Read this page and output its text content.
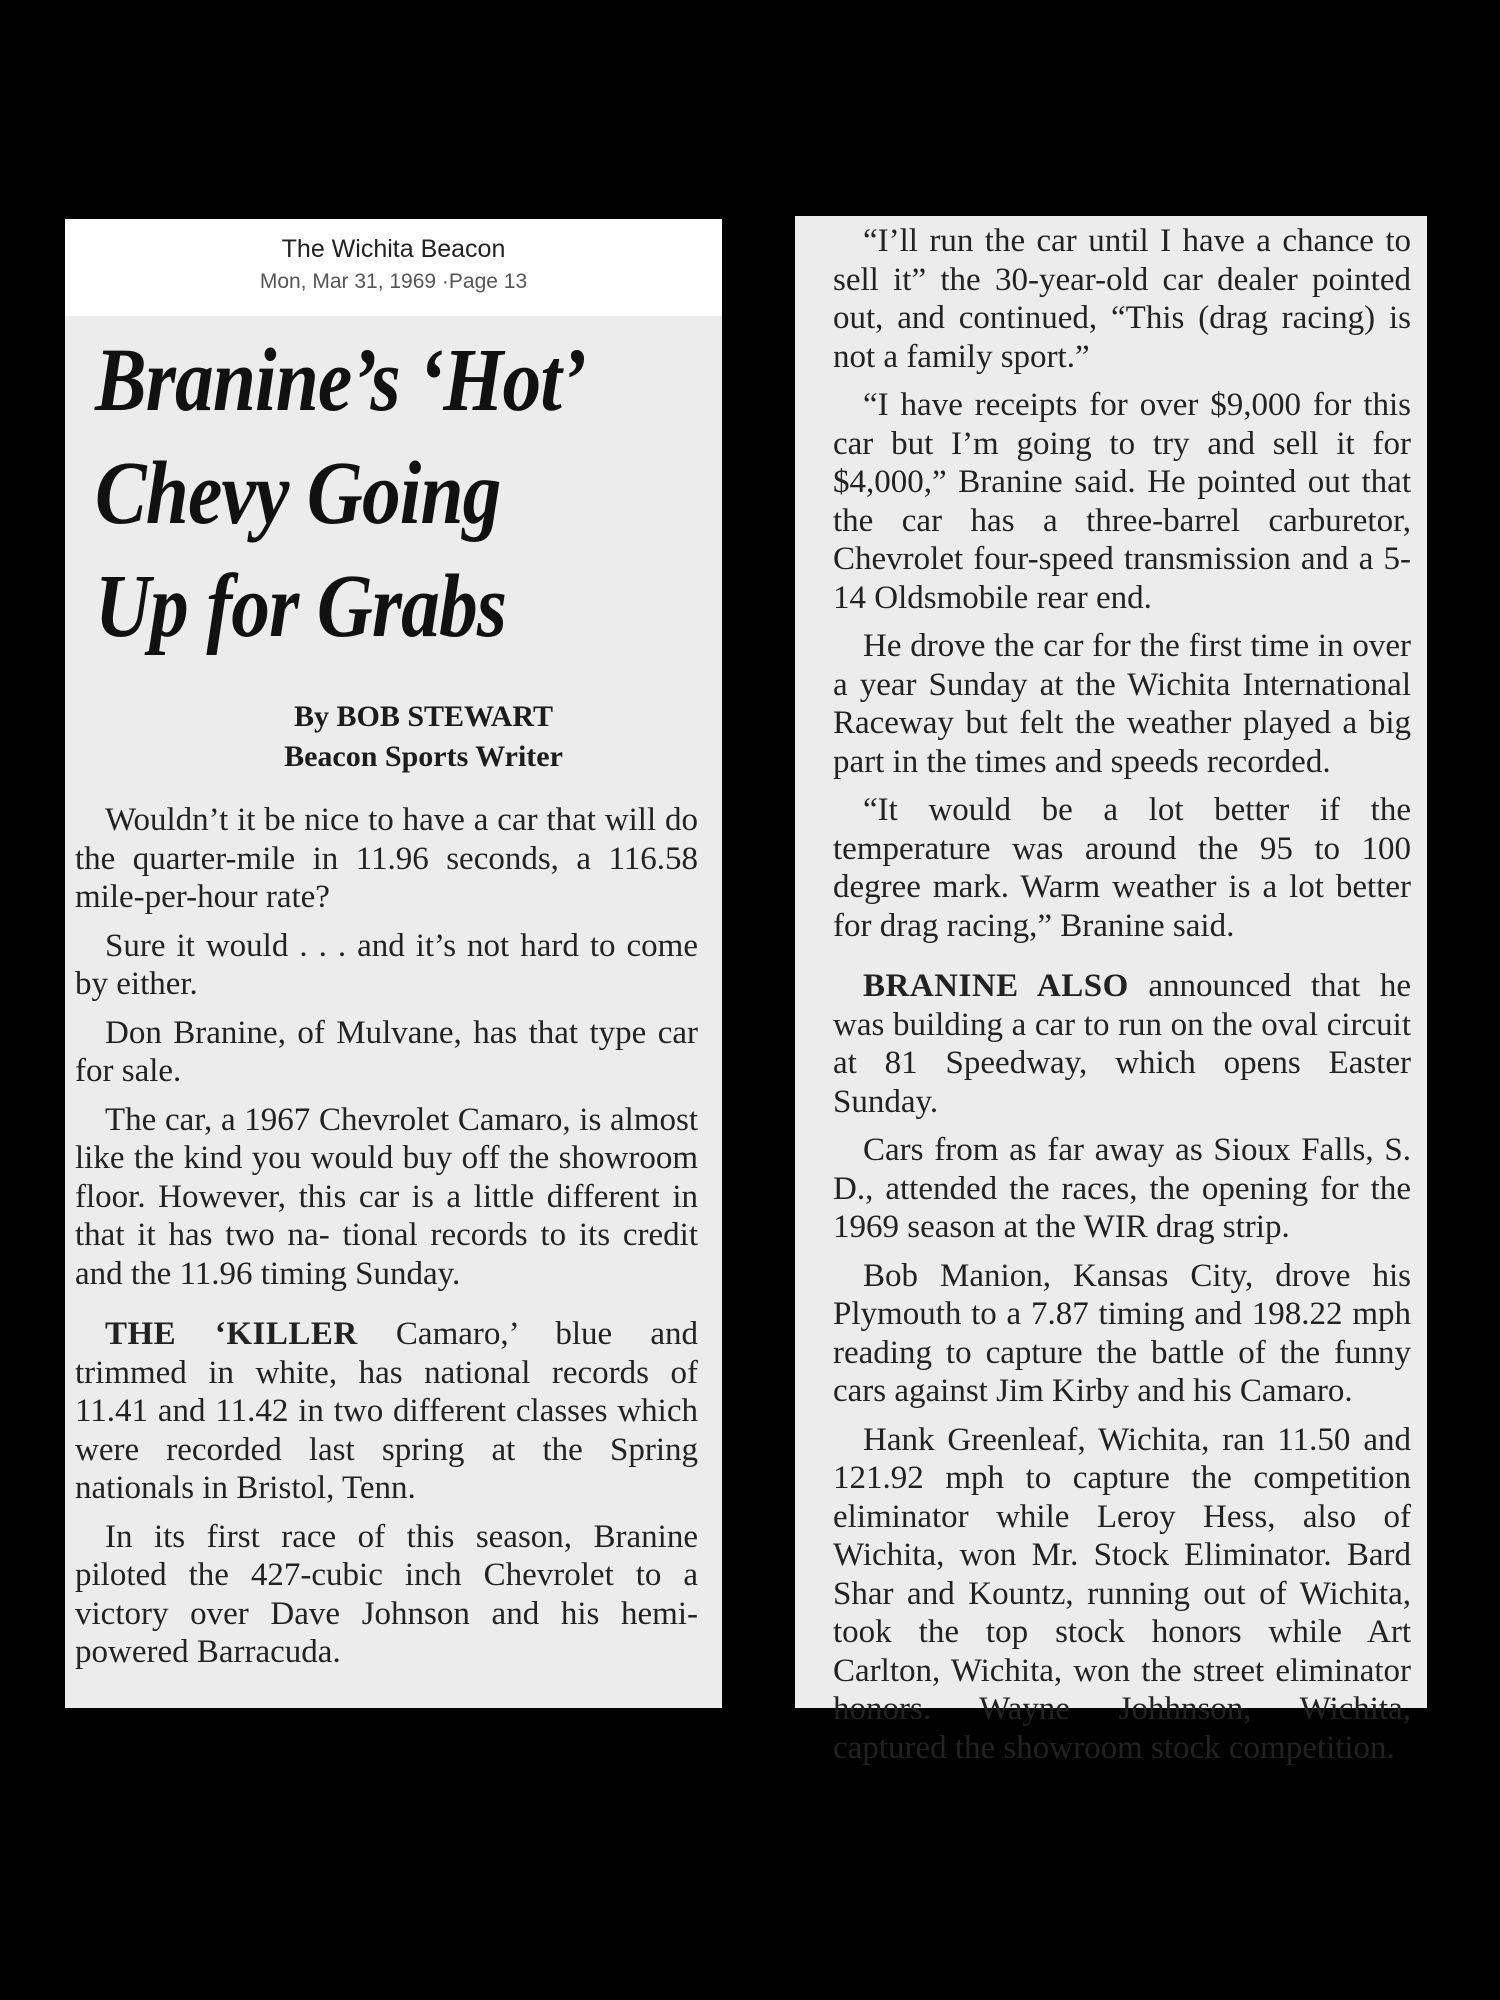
The Wichita Beacon
Mon, Mar 31, 1969 ·Page 13
Branine’s ‘Hot’
Chevy Going
Up for Grabs
By BOB STEWART
Beacon Sports Writer

Wouldn’t it be nice to have a car that will do the quarter-mile in 11.96 seconds, a 116.58 mile-per-hour rate?

Sure it would . . . and it’s not hard to come by either.

Don Branine, of Mulvane, has that type car for sale.

The car, a 1967 Chevrolet Camaro, is almost like the kind you would buy off the showroom floor. However, this car is a little different in that it has two na- tional records to its credit and the 11.96 timing Sunday.

THE ‘KILLER Camaro,’ blue and trimmed in white, has national records of 11.41 and 11.42 in two different classes which were recorded last spring at the Spring nationals in Bristol, Tenn.

In its first race of this season, Branine piloted the 427-cubic inch Chevrolet to a victory over Dave Johnson and his hemi-powered Barracuda.

“I’ll run the car until I have a chance to sell it” the 30-year-old car dealer pointed out, and continued, “This (drag racing) is not a family sport.”

“I have receipts for over $9,000 for this car but I’m going to try and sell it for $4,000,” Branine said. He pointed out that the car has a three-barrel carburetor, Chevrolet four-speed transmission and a 5-14 Oldsmobile rear end.

He drove the car for the first time in over a year Sunday at the Wichita International Raceway but felt the weather played a big part in the times and speeds recorded.

“It would be a lot better if the temperature was around the 95 to 100 degree mark. Warm weather is a lot better for drag racing,” Branine said.

BRANINE ALSO announced that he was building a car to run on the oval circuit at 81 Speedway, which opens Easter Sunday.

Cars from as far away as Sioux Falls, S. D., attended the races, the opening for the 1969 season at the WIR drag strip.

Bob Manion, Kansas City, drove his Plymouth to a 7.87 timing and 198.22 mph reading to capture the battle of the funny cars against Jim Kirby and his Camaro.

Hank Greenleaf, Wichita, ran 11.50 and 121.92 mph to capture the competition eliminator while Leroy Hess, also of Wichita, won Mr. Stock Eliminator. Bard Shar and Kountz, running out of Wichita, took the top stock honors while Art Carlton, Wichita, won the street eliminator honors. Wayne Johhnson, Wichita, captured the showroom stock competition.
